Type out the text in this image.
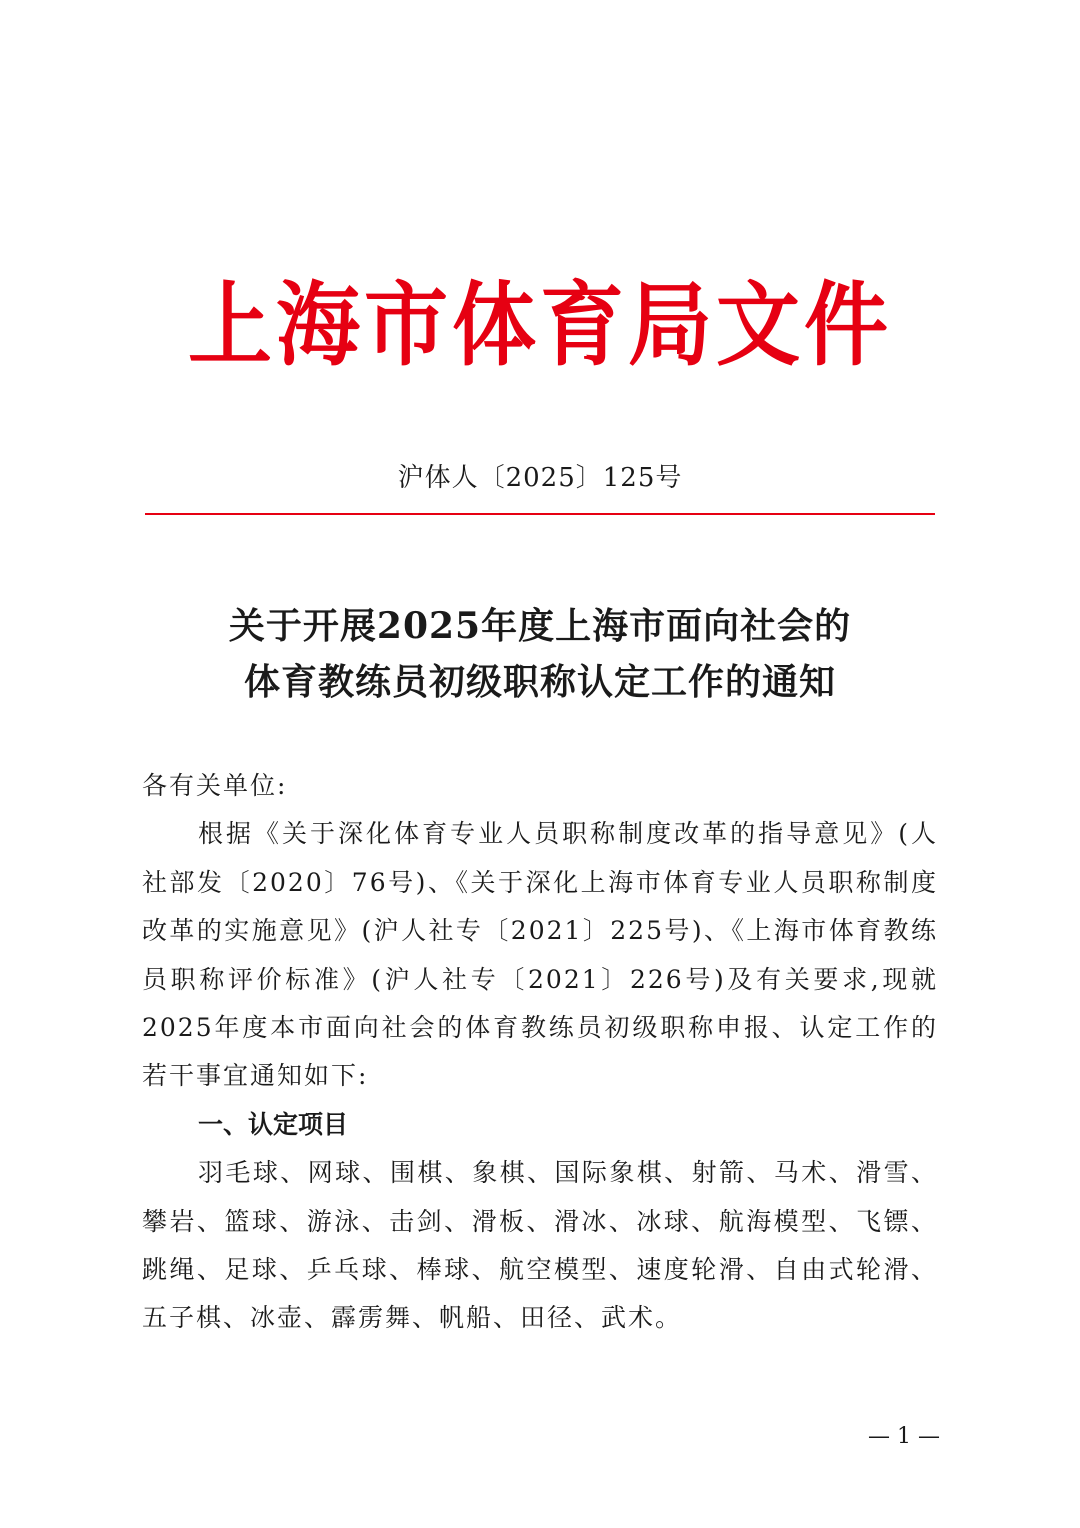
上海市体育局文件
沪体人〔2025〕125号
关于开展2025年度上海市面向社会的
体育教练员初级职称认定工作的通知
各有关单位:
根据《关于深化体育专业人员职称制度改革的指导意见》(人
社部发〔2020〕76号)、《关于深化上海市体育专业人员职称制度
改革的实施意见》(沪人社专〔2021〕225号)、《上海市体育教练
员职称评价标准》(沪人社专〔2021〕226号)及有关要求,现就
2025年度本市面向社会的体育教练员初级职称申报、认定工作的
若干事宜通知如下:
一、认定项目
羽毛球、网球、围棋、象棋、国际象棋、射箭、马术、滑雪、
攀岩、篮球、游泳、击剑、滑板、滑冰、冰球、航海模型、飞镖、
跳绳、足球、乒乓球、棒球、航空模型、速度轮滑、自由式轮滑、
五子棋、冰壶、霹雳舞、帆船、田径、武术。
— 1 —
